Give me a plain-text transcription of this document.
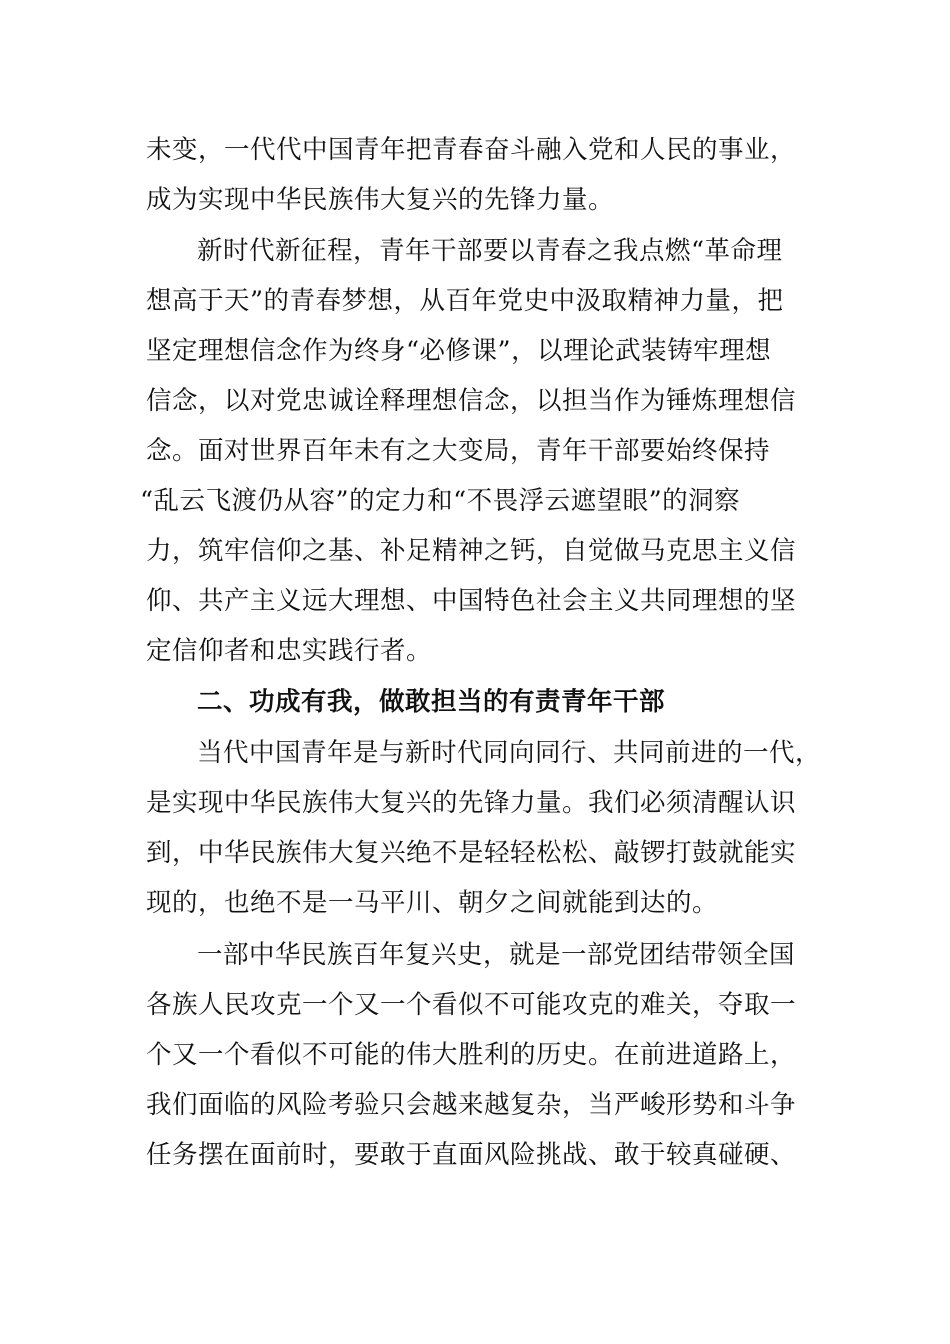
未变，一代代中国青年把青春奋斗融入党和人民的事业，
成为实现中华民族伟大复兴的先锋力量。
新时代新征程，青年干部要以青春之我点燃“革命理
想高于天”的青春梦想，从百年党史中汲取精神力量，把
坚定理想信念作为终身“必修课”，以理论武装铸牢理想
信念，以对党忠诚诠释理想信念，以担当作为锤炼理想信
念。面对世界百年未有之大变局，青年干部要始终保持
“乱云飞渡仍从容”的定力和“不畏浮云遮望眼”的洞察
力，筑牢信仰之基、补足精神之钙，自觉做马克思主义信
仰、共产主义远大理想、中国特色社会主义共同理想的坚
定信仰者和忠实践行者。
二、功成有我，做敢担当的有责青年干部
当代中国青年是与新时代同向同行、共同前进的一代，
是实现中华民族伟大复兴的先锋力量。我们必须清醒认识
到，中华民族伟大复兴绝不是轻轻松松、敲锣打鼓就能实
现的，也绝不是一马平川、朝夕之间就能到达的。
一部中华民族百年复兴史，就是一部党团结带领全国
各族人民攻克一个又一个看似不可能攻克的难关，夺取一
个又一个看似不可能的伟大胜利的历史。在前进道路上，
我们面临的风险考验只会越来越复杂，当严峻形势和斗争
任务摆在面前时，要敢于直面风险挑战、敢于较真碰硬、
